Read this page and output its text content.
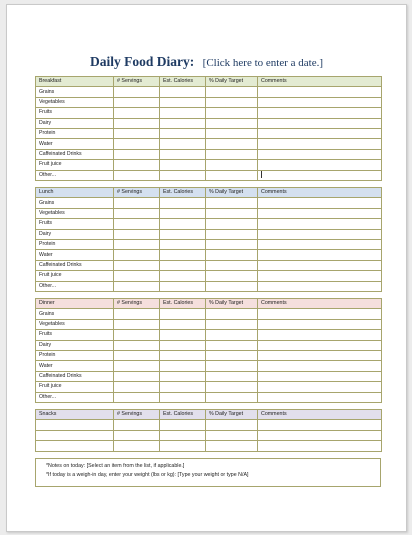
Daily Food Diary: [Click here to enter a date.]
Breakfast	# Servings	Est. Calories	% Daily Target	Comments
Grains				
Vegetables				
Fruits				
Dairy				
Protein				
Water				
Caffeinated Drinks				
Fruit juice				
Other...				
Lunch	# Servings	Est. Calories	% Daily Target	Comments
Grains				
Vegetables				
Fruits				
Dairy				
Protein				
Water				
Caffeinated Drinks				
Fruit juice				
Other...				
Dinner	# Servings	Est. Calories	% Daily Target	Comments
Grains				
Vegetables				
Fruits				
Dairy				
Protein				
Water				
Caffeinated Drinks				
Fruit juice				
Other...				
Snacks	# Servings	Est. Calories	% Daily Target	Comments

*Notes on today: [Select an item from the list, if applicable.]
*If today is a weigh-in day, enter your weight (lbs or kg): [Type your weight or type N/A]
